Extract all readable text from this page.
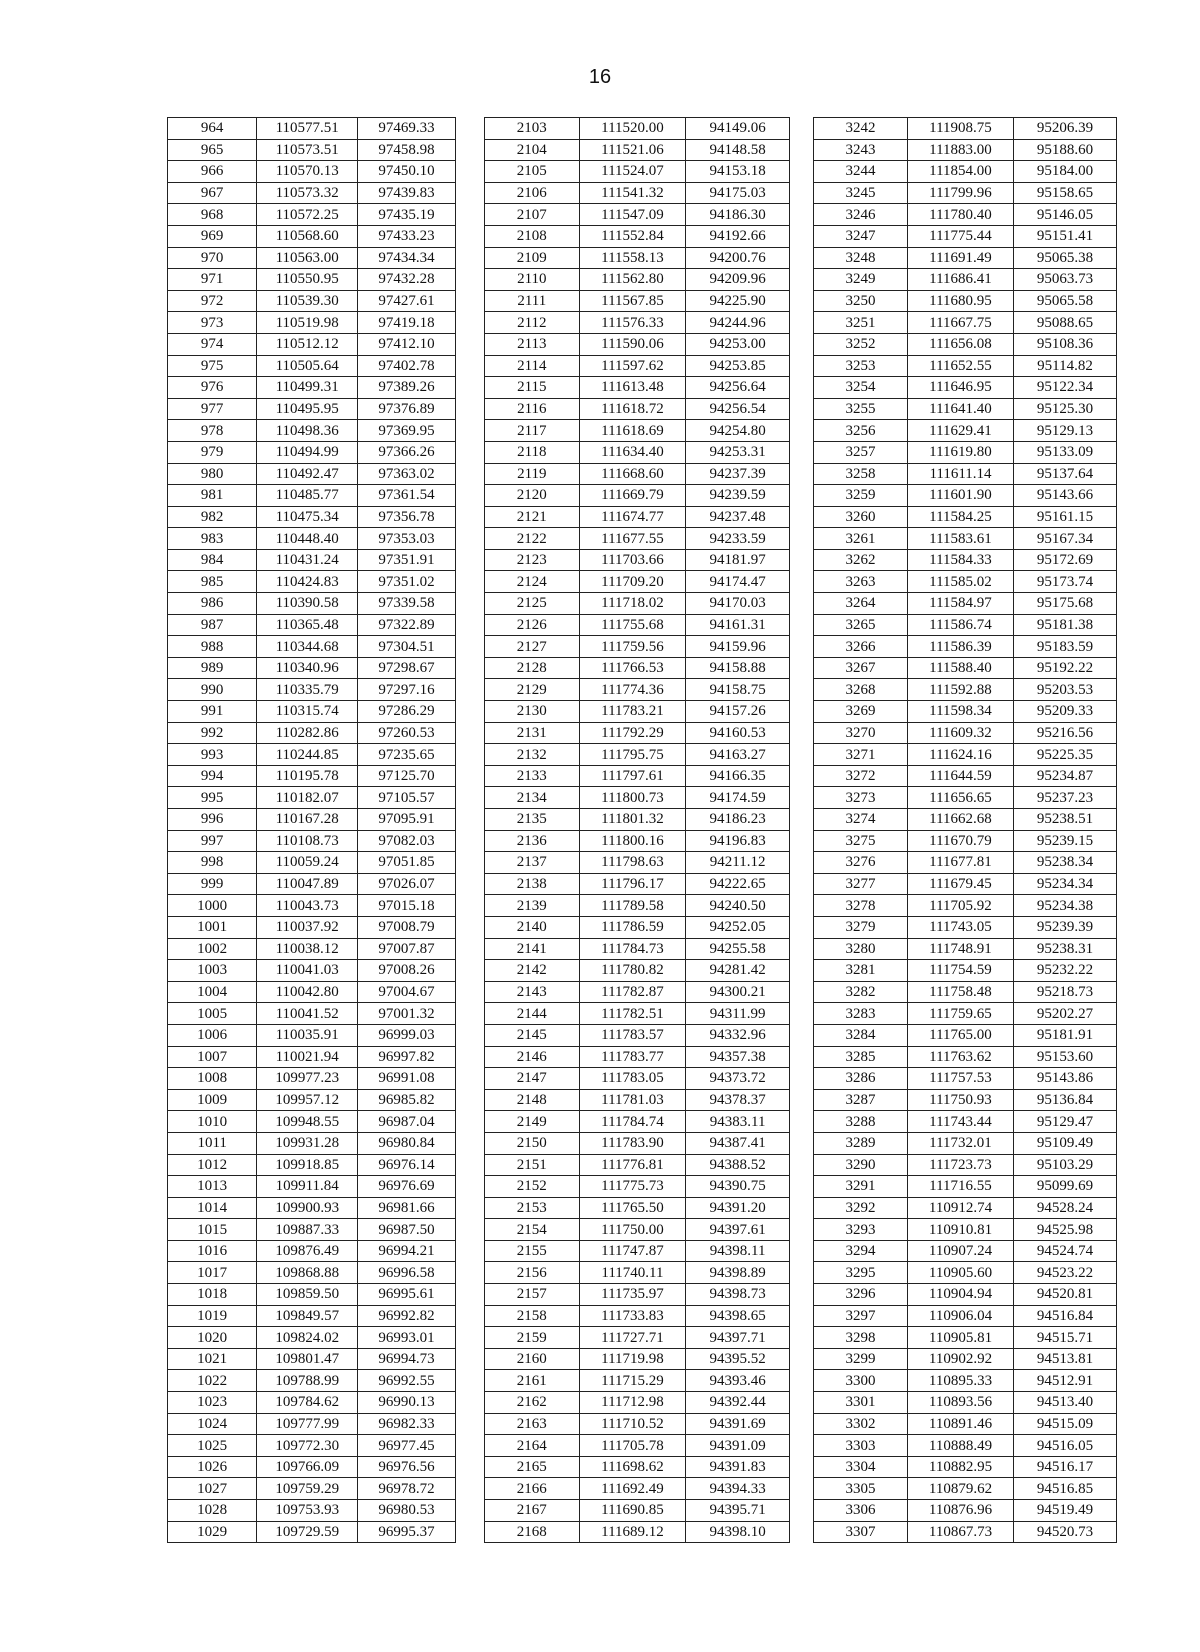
16
964	110577.51	97469.33
965	110573.51	97458.98
966	110570.13	97450.10
967	110573.32	97439.83
968	110572.25	97435.19
969	110568.60	97433.23
970	110563.00	97434.34
971	110550.95	97432.28
972	110539.30	97427.61
973	110519.98	97419.18
974	110512.12	97412.10
975	110505.64	97402.78
976	110499.31	97389.26
977	110495.95	97376.89
978	110498.36	97369.95
979	110494.99	97366.26
980	110492.47	97363.02
981	110485.77	97361.54
982	110475.34	97356.78
983	110448.40	97353.03
984	110431.24	97351.91
985	110424.83	97351.02
986	110390.58	97339.58
987	110365.48	97322.89
988	110344.68	97304.51
989	110340.96	97298.67
990	110335.79	97297.16
991	110315.74	97286.29
992	110282.86	97260.53
993	110244.85	97235.65
994	110195.78	97125.70
995	110182.07	97105.57
996	110167.28	97095.91
997	110108.73	97082.03
998	110059.24	97051.85
999	110047.89	97026.07
1000	110043.73	97015.18
1001	110037.92	97008.79
1002	110038.12	97007.87
1003	110041.03	97008.26
1004	110042.80	97004.67
1005	110041.52	97001.32
1006	110035.91	96999.03
1007	110021.94	96997.82
1008	109977.23	96991.08
1009	109957.12	96985.82
1010	109948.55	96987.04
1011	109931.28	96980.84
1012	109918.85	96976.14
1013	109911.84	96976.69
1014	109900.93	96981.66
1015	109887.33	96987.50
1016	109876.49	96994.21
1017	109868.88	96996.58
1018	109859.50	96995.61
1019	109849.57	96992.82
1020	109824.02	96993.01
1021	109801.47	96994.73
1022	109788.99	96992.55
1023	109784.62	96990.13
1024	109777.99	96982.33
1025	109772.30	96977.45
1026	109766.09	96976.56
1027	109759.29	96978.72
1028	109753.93	96980.53
1029	109729.59	96995.37
2103	111520.00	94149.06
2104	111521.06	94148.58
2105	111524.07	94153.18
2106	111541.32	94175.03
2107	111547.09	94186.30
2108	111552.84	94192.66
2109	111558.13	94200.76
2110	111562.80	94209.96
2111	111567.85	94225.90
2112	111576.33	94244.96
2113	111590.06	94253.00
2114	111597.62	94253.85
2115	111613.48	94256.64
2116	111618.72	94256.54
2117	111618.69	94254.80
2118	111634.40	94253.31
2119	111668.60	94237.39
2120	111669.79	94239.59
2121	111674.77	94237.48
2122	111677.55	94233.59
2123	111703.66	94181.97
2124	111709.20	94174.47
2125	111718.02	94170.03
2126	111755.68	94161.31
2127	111759.56	94159.96
2128	111766.53	94158.88
2129	111774.36	94158.75
2130	111783.21	94157.26
2131	111792.29	94160.53
2132	111795.75	94163.27
2133	111797.61	94166.35
2134	111800.73	94174.59
2135	111801.32	94186.23
2136	111800.16	94196.83
2137	111798.63	94211.12
2138	111796.17	94222.65
2139	111789.58	94240.50
2140	111786.59	94252.05
2141	111784.73	94255.58
2142	111780.82	94281.42
2143	111782.87	94300.21
2144	111782.51	94311.99
2145	111783.57	94332.96
2146	111783.77	94357.38
2147	111783.05	94373.72
2148	111781.03	94378.37
2149	111784.74	94383.11
2150	111783.90	94387.41
2151	111776.81	94388.52
2152	111775.73	94390.75
2153	111765.50	94391.20
2154	111750.00	94397.61
2155	111747.87	94398.11
2156	111740.11	94398.89
2157	111735.97	94398.73
2158	111733.83	94398.65
2159	111727.71	94397.71
2160	111719.98	94395.52
2161	111715.29	94393.46
2162	111712.98	94392.44
2163	111710.52	94391.69
2164	111705.78	94391.09
2165	111698.62	94391.83
2166	111692.49	94394.33
2167	111690.85	94395.71
2168	111689.12	94398.10
3242	111908.75	95206.39
3243	111883.00	95188.60
3244	111854.00	95184.00
3245	111799.96	95158.65
3246	111780.40	95146.05
3247	111775.44	95151.41
3248	111691.49	95065.38
3249	111686.41	95063.73
3250	111680.95	95065.58
3251	111667.75	95088.65
3252	111656.08	95108.36
3253	111652.55	95114.82
3254	111646.95	95122.34
3255	111641.40	95125.30
3256	111629.41	95129.13
3257	111619.80	95133.09
3258	111611.14	95137.64
3259	111601.90	95143.66
3260	111584.25	95161.15
3261	111583.61	95167.34
3262	111584.33	95172.69
3263	111585.02	95173.74
3264	111584.97	95175.68
3265	111586.74	95181.38
3266	111586.39	95183.59
3267	111588.40	95192.22
3268	111592.88	95203.53
3269	111598.34	95209.33
3270	111609.32	95216.56
3271	111624.16	95225.35
3272	111644.59	95234.87
3273	111656.65	95237.23
3274	111662.68	95238.51
3275	111670.79	95239.15
3276	111677.81	95238.34
3277	111679.45	95234.34
3278	111705.92	95234.38
3279	111743.05	95239.39
3280	111748.91	95238.31
3281	111754.59	95232.22
3282	111758.48	95218.73
3283	111759.65	95202.27
3284	111765.00	95181.91
3285	111763.62	95153.60
3286	111757.53	95143.86
3287	111750.93	95136.84
3288	111743.44	95129.47
3289	111732.01	95109.49
3290	111723.73	95103.29
3291	111716.55	95099.69
3292	110912.74	94528.24
3293	110910.81	94525.98
3294	110907.24	94524.74
3295	110905.60	94523.22
3296	110904.94	94520.81
3297	110906.04	94516.84
3298	110905.81	94515.71
3299	110902.92	94513.81
3300	110895.33	94512.91
3301	110893.56	94513.40
3302	110891.46	94515.09
3303	110888.49	94516.05
3304	110882.95	94516.17
3305	110879.62	94516.85
3306	110876.96	94519.49
3307	110867.73	94520.73
